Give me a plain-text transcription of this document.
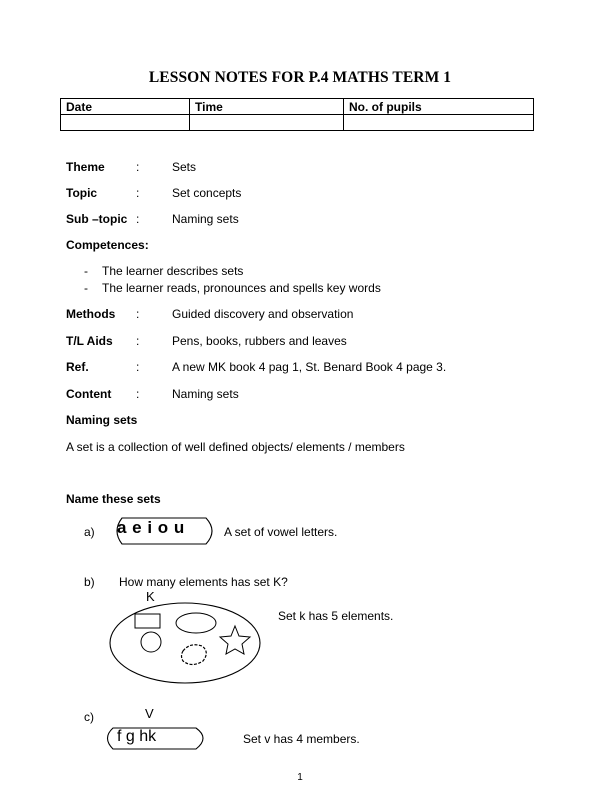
LESSON NOTES FOR P.4 MATHS TERM 1
Date	Time	No. of pupils

Theme	:	Sets
Topic	:	Set concepts
Sub –topic :	Naming sets
Competences:
- The learner describes sets
- The learner reads, pronounces and spells key words
Methods :	Guided discovery and observation
T/L Aids :	Pens, books, rubbers and leaves
Ref.	:	A new MK book 4 pag 1, St. Benard Book 4 page 3.
Content :	Naming sets
Naming sets
A set is a collection of well defined objects/ elements / members
Name these sets
a) a e i o u	A set of vowel letters.
b) How many elements has set K?
K
Set k has 5 elements.
c)	V
f g hk	Set v has 4 members.
1
